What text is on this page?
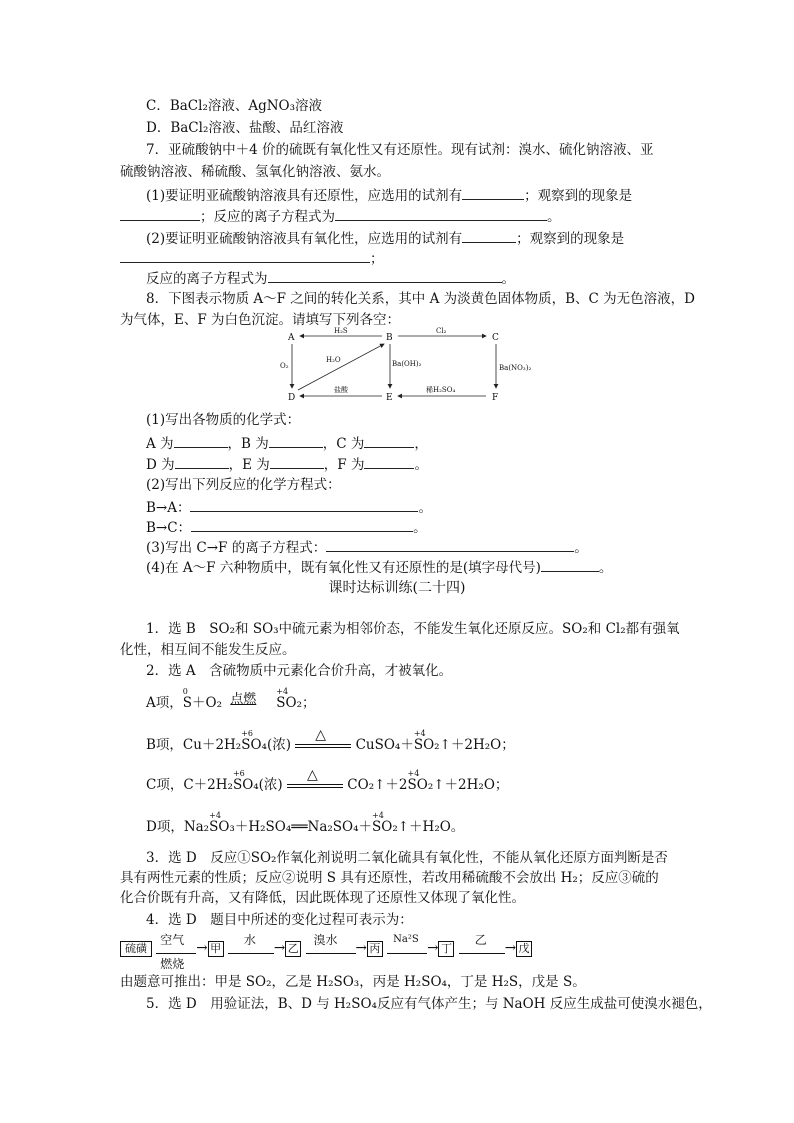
C．BaCl₂溶液、AgNO₃溶液
D．BaCl₂溶液、盐酸、品红溶液
7．亚硫酸钠中＋4 价的硫既有氧化性又有还原性。现有试剂：溴水、硫化钠溶液、亚
硫酸钠溶液、稀硫酸、氢氧化钠溶液、氨水。
(1)要证明亚硫酸钠溶液具有还原性，应选用的试剂有	；观察到的现象是
；反应的离子方程式为	。
(2)要证明亚硫酸钠溶液具有氧化性，应选用的试剂有	；观察到的现象是
；
反应的离子方程式为	。
8．下图表示物质 A～F 之间的转化关系，其中 A 为淡黄色固体物质，B、C 为无色溶液，D
为气体，E、F 为白色沉淀。请填写下列各空：
A	B	C
D	E	F
H₂S	Cl₂
O₂
H₂O	Ba(OH)₂	Ba(NO₃)₂
盐酸	稀H₂SO₄
(1)写出各物质的化学式：
A 为	，B 为	，C 为	，
D 为	，E 为	，F 为	。
(2)写出下列反应的化学方程式：
B→A：	。
B→C：	。
(3)写出 C→F 的离子方程式：	。
(4)在 A～F 六种物质中，既有氧化性又有还原性的是(填字母代号)	。
课时达标训练(二十四)
1．选 B　SO₂和 SO₃中硫元素为相邻价态，不能发生氧化还原反应。SO₂和 Cl₂都有强氧
化性，相互间不能发生反应。
2．选 A　含硫物质中元素化合价升高，才被氧化。
A项，
0
S＋O₂ 点燃 +4
SO₂；
B项，Cu＋2H₂
+6
SO₄(浓)
△
CuSO₄＋
+4
SO₂↑＋2H₂O；
C项，C＋2H₂
+6
SO₄(浓)
△
CO₂↑＋2
+4
SO₂↑＋2H₂O；
D项，Na₂
+4
SO₃＋H₂SO₄══Na₂SO₄＋
+4
SO₂↑＋H₂O。
3．选 D　反应①SO₂作氧化剂说明二氧化硫具有氧化性，不能从氧化还原方面判断是否
具有两性元素的性质；反应②说明 S 具有还原性，若改用稀硫酸不会放出 H₂；反应③硫的
化合价既有升高，又有降低，因此既体现了还原性又体现了氧化性。
4．选 D　题目中所述的变化过程可表示为：
硫磺
空气
燃烧
→ 甲
水
→ 乙
溴水
→ 丙
Na²S
→ 丁
乙
→ 戊
由题意可推出：甲是 SO₂，乙是 H₂SO₃，丙是 H₂SO₄，丁是 H₂S，戊是 S。
5．选 D　用验证法，B、D 与 H₂SO₄反应有气体产生；与 NaOH 反应生成盐可使溴水褪色，
